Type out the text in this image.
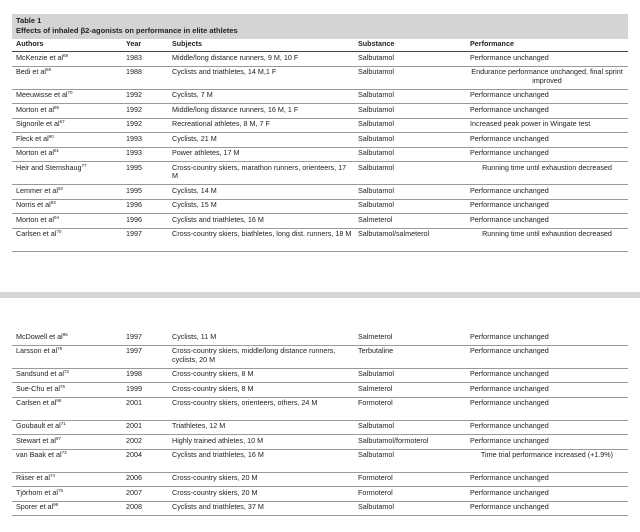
Table 1
Effects of inhaled β2-agonists on performance in elite athletes
Authors	Year	Subjects	Substance	Performance
McKenzie et $al^{69}$	1983	Middle/long distance runners, 9 M, 10 F	Salbutamol	Performance unchanged
Bedi et $al^{68}$	1988	Cyclists and triathletes, 14 M,1 F	Salbutamol	Endurance performance unchanged, final sprint improved
Meeuwisse et $al^{70}$	1992	Cyclists, 7 M	Salbutamol	Performance unchanged
Morton et $al^{89}$	1992	Middle/long distance runners, 16 M, 1 F	Salbutamol	Performance unchanged
Signorile et $al^{67}$	1992	Recreational athletes, 8 M, 7 F	Salbutamol	Increased peak power in Wingate test
Fleck et $al^{90}$	1993	Cyclists, 21 M	Salbutamol	Performance unchanged
Morton et $al^{91}$	1993	Power athletes, 17 M	Salbutamol	Performance unchanged
Heir and Stemshaug$^{77}$	1995	Cross-country skiers, marathon runners, orienteers, 17 M	Salbutamol	Running time until exhaustion decreased
Lemmer et $al^{92}$	1995	Cyclists, 14 M	Salbutamol	Performance unchanged
Norris et $al^{93}$	1996	Cyclists, 15 M	Salbutamol	Performance unchanged
Morton et $al^{94}$	1996	Cyclists and triathletes, 16 M	Salmeterol	Performance unchanged
Carlsen et $al^{70}$	1997	Cross-country skiers, biathletes, long dist. runners, 18 M	Salbutamol/salmeterol	Running time until exhaustion decreased
McDowell et $al^{95}$	1997	Cyclists, 11 M	Salmeterol	Performance unchanged
Larsson et $al^{78}$	1997	Cross-country skiers, middle/long distance runners, cyclists, 20 M	Terbutaline	Performance unchanged
Sandsund et $al^{72}$	1998	Cross-country skiers, 8 M	Salbutamol	Performance unchanged
Sue-Chu et $al^{76}$	1999	Cross-country skiers, 8 M	Salmeterol	Performance unchanged
Carlsen et $al^{96}$	2001	Cross-country skiers, orienteers, others, 24 M	Formoterol	Performance unchanged
Goubault et $al^{71}$	2001	Triathletes, 12 M	Salbutamol	Performance unchanged
Stewart et $al^{97}$	2002	Highly trained athletes, 10 M	Salbutamol/formoterol	Performance unchanged
van Baak et $al^{73}$	2004	Cyclists and triathletes, 16 M	Salbutamol	Time trial performance increased (+1.9%)
Riiser et $al^{74}$	2006	Cross-country skiers, 20 M	Formoterol	Performance unchanged
Tjörhom et $al^{75}$	2007	Cross-country skiers, 20 M	Formoterol	Performance unchanged
Sporer et $al^{98}$	2008	Cyclists and triathletes, 37 M	Salbutamol	Performance unchanged
